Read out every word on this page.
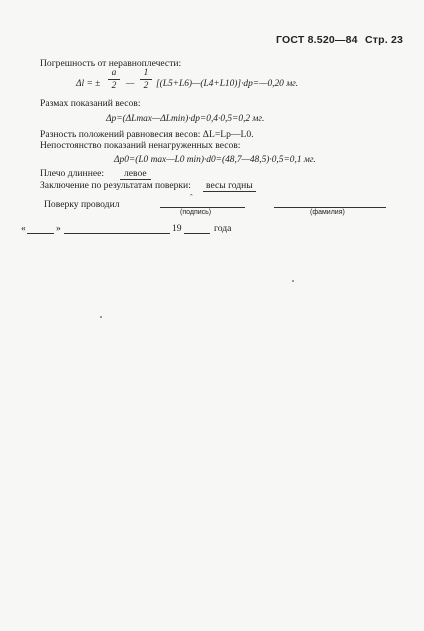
ГОСТ 8.520—84 Стр. 23
Погрешность от неравноплечести:
Δl = ±
a
2	—
1
2 [(L5+L6)—(L4+L10)]·dp=—0,20 мг.
Размах показаний весов:
Δp=(ΔLmax—ΔLmin)·dp=0,4·0,5=0,2 мг.
Разность положений равновесия весов: ΔL=Lp—L0.
Непостоянство показаний ненагруженных весов:
Δp0=(L0 max—L0 min)·d0=(48,7—48,5)·0,5=0,1 мг.
Плечо длиннее:	левое
Заключение по результатам поверки:	весы годны
Поверку проводил
ˆ
(подпись)	(фамилия)
«	»	19	года
